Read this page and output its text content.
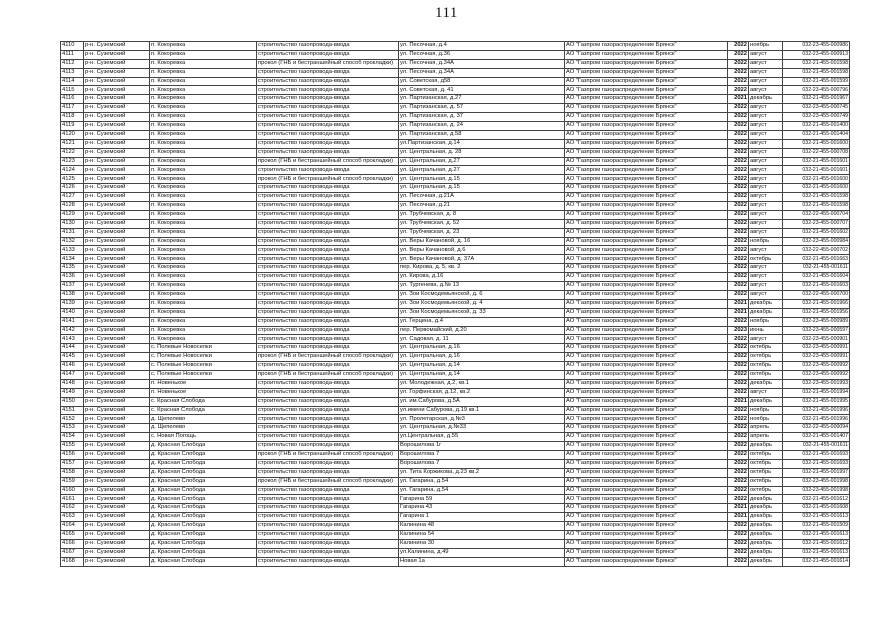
111
4110	р-н. Суземский	п. Кокоревка	строительство газопровода-ввода	ул. Песочная, д.4	АО "Газпром газораспределение Брянск"	2022	ноябрь	032-23-455-000986
4111	р-н. Суземский	п. Кокоревка	строительство газопровода-ввода	ул. Песочная, д.36	АО "Газпром газораспределение Брянск"	2022	август	032-23-455-000913
4112	р-н. Суземский	п. Кокоревка	прокол (ГНБ и бестраншейный способ прокладки)	ул. Песочная, д.34А	АО "Газпром газораспределение Брянск"	2022	август	032-21-455-001598
4113	р-н. Суземский	п. Кокоревка	строительство газопровода-ввода	ул. Песочная, д.34А	АО "Газпром газораспределение Брянск"	2022	август	032-21-455-001598
4114	р-н. Суземский	п. Кокоревка	строительство газопровода-ввода	ул. Советская, д58	АО "Газпром газораспределение Брянск"	2022	август	032-21-455-001599
4115	р-н. Суземский	п. Кокоревка	строительство газопровода-ввода	ул. Советская, д. 41	АО "Газпром газораспределение Брянск"	2022	август	032-23-455-000796
4116	р-н. Суземский	п. Кокоревка	строительство газопровода-ввода	ул. Партизанская, д.27	АО "Газпром газораспределение Брянск"	2021	декабрь	032-21-455-001967
4117	р-н. Суземский	п. Кокоревка	строительство газопровода-ввода	ул. Партизанская, д. 57	АО "Газпром газораспределение Брянск"	2022	август	032-23-455-000745
4118	р-н. Суземский	п. Кокоревка	строительство газопровода-ввода	ул. Партизанская, д. 37	АО "Газпром газораспределение Брянск"	2022	август	032-23-455-000749
4119	р-н. Суземский	п. Кокоревка	строительство газопровода-ввода	ул. Партизанская, д. 24	АО "Газпром газораспределение Брянск"	2022	август	032-21-455-001400
4120	р-н. Суземский	п. Кокоревка	строительство газопровода-ввода	ул. Партизанская, д.58	АО "Газпром газораспределение Брянск"	2022	август	032-21-455-001404
4121	р-н. Суземский	п. Кокоревка	строительство газопровода-ввода	ул.Партизанская, д.14	АО "Газпром газораспределение Брянск"	2022	август	032-21-455-001600
4122	р-н. Суземский	п. Кокоревка	строительство газопровода-ввода	ул. Центральная, д. 28	АО "Газпром газораспределение Брянск"	2022	август	032-22-455-000708
4123	р-н. Суземский	п. Кокоревка	прокол (ГНБ и бестраншейный способ прокладки)	ул. Центральная, д.27	АО "Газпром газораспределение Брянск"	2022	август	032-21-455-001601
4124	р-н. Суземский	п. Кокоревка	строительство газопровода-ввода	ул. Центральная, д.27	АО "Газпром газораспределение Брянск"	2022	август	032-21-455-001601
4125	р-н. Суземский	п. Кокоревка	прокол (ГНБ и бестраншейный способ прокладки)	ул. Центральная, д.15	АО "Газпром газораспределение Брянск"	2022	август	032-21-455-001600
4126	р-н. Суземский	п. Кокоревка	строительство газопровода-ввода	ул. Центральная, д.15	АО "Газпром газораспределение Брянск"	2022	август	032-21-455-001600
4127	р-н. Суземский	п. Кокоревка	строительство газопровода-ввода	ул. Песочная, д.21А	АО "Газпром газораспределение Брянск"	2022	август	032-21-455-001598
4128	р-н. Суземский	п. Кокоревка	строительство газопровода-ввода	ул. Песочная, д.21	АО "Газпром газораспределение Брянск"	2022	август	032-21-455-001598
4129	р-н. Суземский	п. Кокоревка	строительство газопровода-ввода	ул. Трубчевская, д. 8	АО "Газпром газораспределение Брянск"	2022	август	032-22-455-000704
4130	р-н. Суземский	п. Кокоревка	строительство газопровода-ввода	ул. Трубчевская, д. 52	АО "Газпром газораспределение Брянск"	2022	август	032-23-455-000707
4131	р-н. Суземский	п. Кокоревка	строительство газопровода-ввода	ул. Трубчевская, д. 23	АО "Газпром газораспределение Брянск"	2022	август	032-21-455-001602
4132	р-н. Суземский	п. Кокоревка	строительство газопровода-ввода	ул. Веры Качановой, д. 16	АО "Газпром газораспределение Брянск"	2022	ноябрь	032-23-455-000984
4133	р-н. Суземский	п. Кокоревка	строительство газопровода-ввода	ул. Веры Качановой, д.6	АО "Газпром газораспределение Брянск"	2022	август	032-22-455-000702
4134	р-н. Суземский	п. Кокоревка	строительство газопровода-ввода	ул. Веры Качановой, д. 37А	АО "Газпром газораспределение Брянск"	2022	октябрь	032-21-455-001663
4135	р-н. Суземский	п. Кокоревка	строительство газопровода-ввода	пер. Кирова, д. 5, кв. 2	АО "Газпром газораспределение Брянск"	2022	август	032-21-455-001611
4136	р-н. Суземский	п. Кокоревка	строительство газопровода-ввода	ул. Кирова, д.16	АО "Газпром газораспределение Брянск"	2022	август	032-21-455-001604
4137	р-н. Суземский	п. Кокоревка	строительство газопровода-ввода	ул. Тургенева, д.№ 13	АО "Газпром газораспределение Брянск"	2022	август	032-21-455-001603
4138	р-н. Суземский	п. Кокоревка	строительство газопровода-ввода	ул. Зои Космодемьянской, д. 6	АО "Газпром газораспределение Брянск"	2022	август	032-22-455-000700
4139	р-н. Суземский	п. Кокоревка	строительство газопровода-ввода	ул. Зои Космодемьянской, д. 4	АО "Газпром газораспределение Брянск"	2021	декабрь	032-21-455-001966
4140	р-н. Суземский	п. Кокоревка	строительство газопровода-ввода	ул. Зои Космодемьянской, д. 33	АО "Газпром газораспределение Брянск"	2021	декабрь	032-21-455-001956
4141	р-н. Суземский	п. Кокоревка	строительство газопровода-ввода	ул. Герцена, д.4	АО "Газпром газораспределение Брянск"	2022	ноябрь	032-23-455-000989
4142	р-н. Суземский	п. Кокоревка	строительство газопровода-ввода	пер. Первомайский, д.20	АО "Газпром газораспределение Брянск"	2023	июнь	032-23-455-000597
4143	р-н. Суземский	п. Кокоревка	строительство газопровода-ввода	ул. Садовая, д. 11	АО "Газпром газораспределение Брянск"	2022	август	032-23-455-000901
4144	р-н. Суземский	с. Полевые Новоселки	строительство газопровода-ввода	ул. Центральная, д.16	АО "Газпром газораспределение Брянск"	2022	октябрь	032-23-455-000991
4145	р-н. Суземский	с. Полевые Новоселки	прокол (ГНБ и бестраншейный способ прокладки)	ул. Центральная, д.16	АО "Газпром газораспределение Брянск"	2022	октябрь	032-23-455-000991
4146	р-н. Суземский	с. Полевые Новоселки	строительство газопровода-ввода	ул. Центральная, д.14	АО "Газпром газораспределение Брянск"	2022	октябрь	032-23-455-000992
4147	р-н. Суземский	с. Полевые Новоселки	прокол (ГНБ и бестраншейный способ прокладки)	ул. Центральная, д.14	АО "Газпром газораспределение Брянск"	2022	октябрь	032-23-455-000992
4148	р-н. Суземский	п. Новенькое	строительство газопровода-ввода	ул. Молодежная, д.2, кв.1	АО "Газпром газораспределение Брянск"	2022	декабрь	032-23-455-001993
4149	р-н. Суземский	п. Новенькое	строительство газопровода-ввода	ул. Горфинская, д.12, кв.2	АО "Газпром газораспределение Брянск"	2022	август	032-21-455-001994
4150	р-н. Суземский	с. Красная Слобода	строительство газопровода-ввода	ул. им.Сабурова, д.5А	АО "Газпром газораспределение Брянск"	2021	декабрь	032-21-455-001995
4151	р-н. Суземский	с. Красная Слобода	строительство газопровода-ввода	ул.имени Сабурова, д.19 кв.1	АО "Газпром газораспределение Брянск"	2022	ноябрь	032-21-455-001996
4152	р-н. Суземский	д. Щепелево	строительство газопровода-ввода	ул. Пролетарская, д.№3	АО "Газпром газораспределение Брянск"	2022	ноябрь	032-21-455-001996
4153	р-н. Суземский	д. Щепелево	строительство газопровода-ввода	ул. Центральная, д.№33	АО "Газпром газораспределение Брянск"	2022	апрель	032-22-455-000094
4154	р-н. Суземский	с. Новая Погощь	строительство газопровода-ввода	ул.Центральная, д.55	АО "Газпром газораспределение Брянск"	2022	апрель	032-21-455-001407
4155	р-н. Суземский	д. Красная Слобода	строительство газопровода-ввода	Ворошилова 1г	АО "Газпром газораспределение Брянск"	2022	декабрь	032-21-455-001611
4156	р-н. Суземский	д. Красная Слобода	прокол (ГНБ и бестраншейный способ прокладки)	Ворошилова 7	АО "Газпром газораспределение Брянск"	2022	октябрь	032-21-455-001693
4157	р-н. Суземский	д. Красная Слобода	строительство газопровода-ввода	Ворошилова 7	АО "Газпром газораспределение Брянск"	2022	октябрь	032-21-455-001693
4158	р-н. Суземский	д. Красная Слобода	строительство газопровода-ввода	ул. Тита Коржикова, д.23 кв.2	АО "Газпром газораспределение Брянск"	2022	октябрь	032-21-455-001997
4159	р-н. Суземский	д. Красная Слобода	прокол (ГНБ и бестраншейный способ прокладки)	ул. Гагарина, д.54	АО "Газпром газораспределение Брянск"	2022	октябрь	032-23-455-001998
4160	р-н. Суземский	д. Красная Слобода	строительство газопровода-ввода	ул. Гагарина, д.54	АО "Газпром газораспределение Брянск"	2022	октябрь	032-23-455-001998
4161	р-н. Суземский	д. Красная Слобода	строительство газопровода-ввода	Гагарина 59	АО "Газпром газораспределение Брянск"	2022	декабрь	032-21-455-001612
4162	р-н. Суземский	д. Красная Слобода	строительство газопровода-ввода	Гагарина 43	АО "Газпром газораспределение Брянск"	2021	декабрь	032-21-455-001608
4163	р-н. Суземский	д. Красная Слобода	строительство газопровода-ввода	Гагарина 1	АО "Газпром газораспределение Брянск"	2021	декабрь	032-21-455-001613
4164	р-н. Суземский	д. Красная Слобода	строительство газопровода-ввода	Калинина 48	АО "Газпром газораспределение Брянск"	2022	декабрь	032-21-455-001509
4165	р-н. Суземский	д. Красная Слобода	строительство газопровода-ввода	Калинина 54	АО "Газпром газораспределение Брянск"	2022	декабрь	032-21-455-001613
4166	р-н. Суземский	д. Красная Слобода	строительство газопровода-ввода	Калинина 30	АО "Газпром газораспределение Брянск"	2022	декабрь	032-21-455-001612
4167	р-н. Суземский	д. Красная Слобода	строительство газопровода-ввода	ул.Калинина, д.49	АО "Газпром газораспределение Брянск"	2022	декабрь	032-21-455-001613
4168	р-н. Суземский	д. Красная Слобода	строительство газопровода-ввода	Новая 1а	АО "Газпром газораспределение Брянск"	2022	декабрь	032-21-455-001614
